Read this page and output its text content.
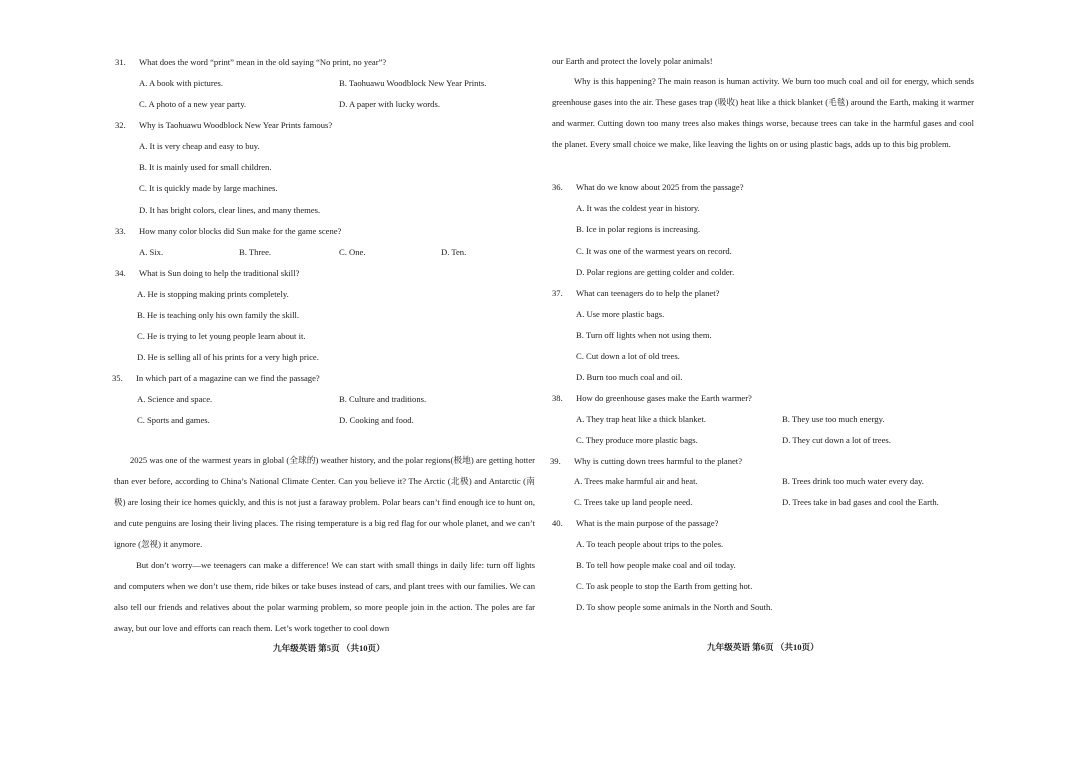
31. What does the word “print” mean in the old saying “No print, no year”?
A. A book with pictures.	B. Taohuawu Woodblock New Year Prints.
C. A photo of a new year party.	D. A paper with lucky words.
32. Why is Taohuawu Woodblock New Year Prints famous?
A. It is very cheap and easy to buy.
B. It is mainly used for small children.
C. It is quickly made by large machines.
D. It has bright colors, clear lines, and many themes.
33. How many color blocks did Sun make for the game scene?
A. Six.	B. Three.	C. One.	D. Ten.
34. What is Sun doing to help the traditional skill?
A. He is stopping making prints completely.
B. He is teaching only his own family the skill.
C. He is trying to let young people learn about it.
D. He is selling all of his prints for a very high price.
35. In which part of a magazine can we find the passage?
A. Science and space.	B. Culture and traditions.
C. Sports and games.	D. Cooking and food.
2025 was one of the warmest years in global (全球的) weather history, and the polar regions(极地) are getting hotter than ever before, according to China’s National Climate Center. Can you believe it? The Arctic (北极) and Antarctic (南极) are losing their ice homes quickly, and this is not just a faraway problem. Polar bears can’t find enough ice to hunt on, and cute penguins are losing their living places. The rising temperature is a big red flag for our whole planet, and we can’t ignore (忽视) it anymore.
But don’t worry—we teenagers can make a difference! We can start with small things in daily life: turn off lights and computers when we don’t use them, ride bikes or take buses instead of cars, and plant trees with our families. We can also tell our friends and relatives about the polar warming problem, so more people join in the action. The poles are far away, but our love and efforts can reach them. Let’s work together to cool down
九年级英语 第5页 （共10页）
our Earth and protect the lovely polar animals!
Why is this happening? The main reason is human activity. We burn too much coal and oil for energy, which sends greenhouse gases into the air. These gases trap (吸收) heat like a thick blanket (毛毯) around the Earth, making it warmer and warmer. Cutting down too many trees also makes things worse, because trees can take in the harmful gases and cool the planet. Every small choice we make, like leaving the lights on or using plastic bags, adds up to this big problem.
36. What do we know about 2025 from the passage?
A. It was the coldest year in history.
B. Ice in polar regions is increasing.
C. It was one of the warmest years on record.
D. Polar regions are getting colder and colder.
37. What can teenagers do to help the planet?
A. Use more plastic bags.
B. Turn off lights when not using them.
C. Cut down a lot of old trees.
D. Burn too much coal and oil.
38. How do greenhouse gases make the Earth warmer?
A. They trap heat like a thick blanket.	B. They use too much energy.
C. They produce more plastic bags.	D. They cut down a lot of trees.
39. Why is cutting down trees harmful to the planet?
A. Trees make harmful air and heat.	B. Trees drink too much water every day.
C. Trees take up land people need.	D. Trees take in bad gases and cool the Earth.
40. What is the main purpose of the passage?
A. To teach people about trips to the poles.
B. To tell how people make coal and oil today.
C. To ask people to stop the Earth from getting hot.
D. To show people some animals in the North and South.
九年级英语 第6页 （共10页）
